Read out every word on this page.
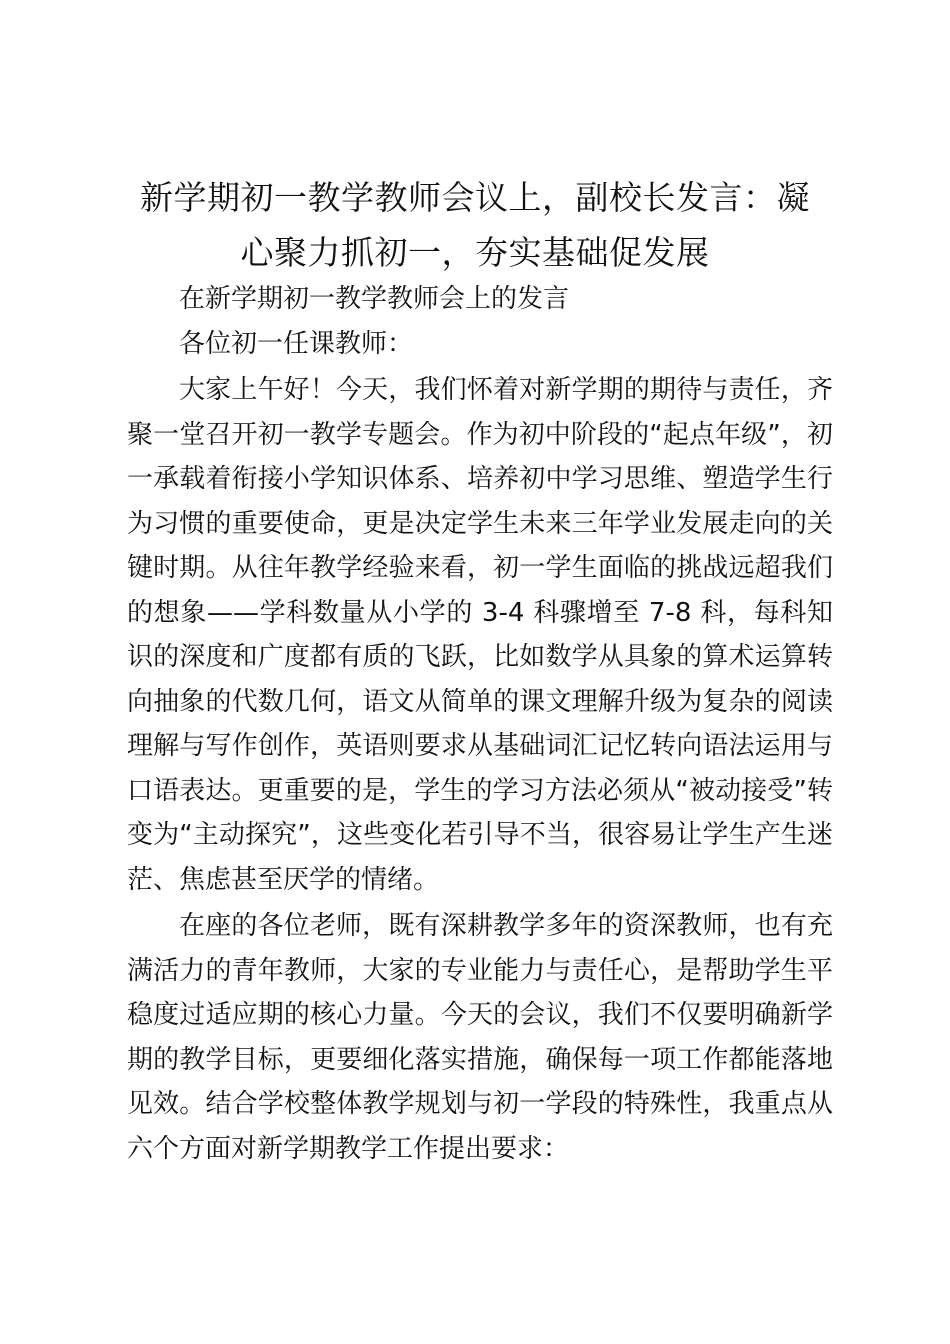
新学期初一教学教师会议上，副校长发言：凝
心聚力抓初一，夯实基础促发展

在新学期初一教学教师会上的发言

各位初一任课教师：

大家上午好！今天，我们怀着对新学期的期待与责任，齐聚一堂召开初一教学专题会。作为初中阶段的“起点年级”，初一承载着衔接小学知识体系、培养初中学习思维、塑造学生行为习惯的重要使命，更是决定学生未来三年学业发展走向的关键时期。从往年教学经验来看，初一学生面临的挑战远超我们的想象——学科数量从小学的 3-4 科骤增至 7-8 科，每科知识的深度和广度都有质的飞跃，比如数学从具象的算术运算转向抽象的代数几何，语文从简单的课文理解升级为复杂的阅读理解与写作创作，英语则要求从基础词汇记忆转向语法运用与口语表达。更重要的是，学生的学习方法必须从“被动接受”转变为“主动探究”，这些变化若引导不当，很容易让学生产生迷茫、焦虑甚至厌学的情绪。

在座的各位老师，既有深耕教学多年的资深教师，也有充满活力的青年教师，大家的专业能力与责任心，是帮助学生平稳度过适应期的核心力量。今天的会议，我们不仅要明确新学期的教学目标，更要细化落实措施，确保每一项工作都能落地见效。结合学校整体教学规划与初一学段的特殊性，我重点从六个方面对新学期教学工作提出要求：
